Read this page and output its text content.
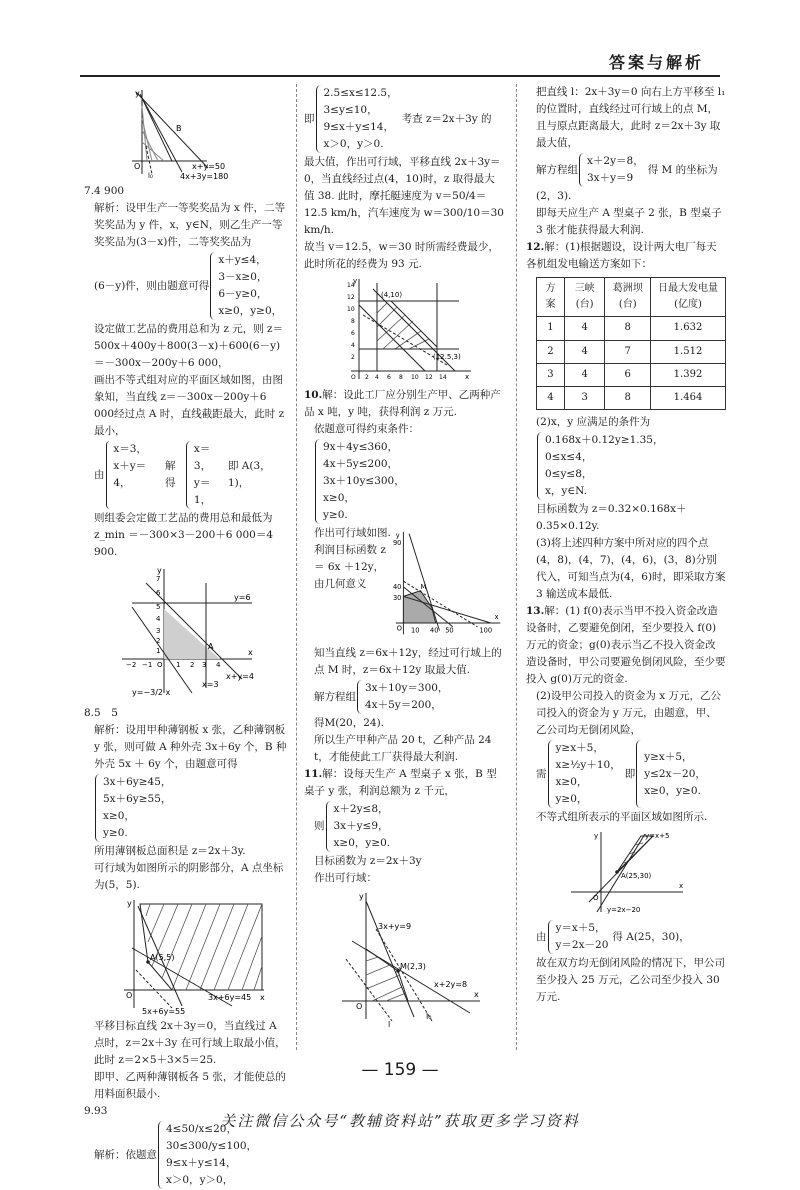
答案与解析
y
B
O
l₀
x+y=50
4x+3y=180

7.4 900

解析：设甲生产一等奖奖品为 x 件，二等奖奖品为 y 件，x，y∈N，则乙生产一等奖奖品为(3－x)件，二等奖奖品为

(6－y)件，则由题意可得
x＋y≤4，
3－x≥0，
6－y≥0，
x≥0，y≥0，

设定做工艺品的费用总和为 z 元，则 z＝500x＋400y＋800(3－x)＋600(6－y)＝－300x－200y＋6 000，

画出不等式组对应的平面区域如图，由图象知，当直线 z＝－300x－200y＋6 000经过点 A 时，直线截距最大，此时 z 最小，

由
x＝3，
x＋y＝4，
解得
x＝3，
y＝1，
即 A(3，1)，

则组委会定做工艺品的费用总和最低为 z_min ＝－300×3－200＋6 000＝4 900.

y
7
6
5
4
3
2
1
O
−2 −1	1 2 3 4
y=6
A
x
x=3
x+y=4
y=−3/2 x

8.5　5

解析：设用甲种薄钢板 x 张，乙种薄钢板 y 张，则可做 A 种外壳 3x＋6y 个，B 种外壳 5x ＋ 6y 个，由题意可得

3x＋6y≥45，
5x＋6y≥55，
x≥0，
y≥0.

所用薄钢板总面积是 z＝2x＋3y.

可行域为如图所示的阴影部分，A 点坐标为(5，5).

y
A(5,5)
O	x
5x+6y=55
3x+6y=45

平移目标直线 2x＋3y＝0，当直线过 A 点时，z＝2x＋3y 在可行域上取最小值，此时 z＝2×5＋3×5＝25.

即甲、乙两种薄钢板各 5 张，才能使总的用料面积最小.

9.93

解析：依题意
4≤50/x≤20，
30≤300/y≤100，
9≤x＋y≤14，
x＞0，y＞0，
即
2.5≤x≤12.5，
3≤y≤10，
9≤x＋y≤14，
x＞0，y＞0.
考查 z＝2x＋3y 的

最大值，作出可行域，平移直线 2x＋3y＝0，当直线经过点(4，10)时，z 取得最大值 38. 此时，摩托艇速度为 v＝50/4＝12.5 km/h，汽车速度为 w＝300/10＝30 km/h.

故当 v＝12.5，w＝30 时所需经费最少，此时所花的经费为 93 元.

y
14
12
10
8
6
4
2
O 2 4 6 8 10 12 14	x
(4,10)
(12.5,3)

10.解：设此工厂应分别生产甲、乙两种产品 x 吨，y 吨，获得利润 z 万元.

依题意可得约束条件：

9x＋4y≤360，
4x＋5y≤200，
3x＋10y≤300，
x≥0，
y≥0.

作出可行域如图. 利润目标函数 z ＝ 6x ＋12y，由几何意义

y
90
40
30
M
O 10 40 50	100
x

知当直线 z＝6x＋12y，经过可行域上的点 M 时，z＝6x＋12y 取最大值.

解方程组
3x＋10y＝300，
4x＋5y＝200，

得M(20，24).

所以生产甲种产品 20 t，乙种产品 24 t，才能使此工厂获得最大利润.

11.解：设每天生产 A 型桌子 x 张，B 型桌子 y 张，利润总额为 z 千元，

则
x＋2y≤8，
3x＋y≤9，
x≥0，y≥0.

目标函数为 z＝2x＋3y

作出可行域：

y
3x+y=9
M(2,3)
x+2y=8
O
x
l
l₀

把直线 l：2x＋3y＝0 向右上方平移至 l₁ 的位置时，直线经过可行域上的点 M，且与原点距离最大，此时 z＝2x＋3y 取最大值，

解方程组
x＋2y＝8，
3x＋y＝9
得 M 的坐标为

(2，3).

即每天应生产 A 型桌子 2 张，B 型桌子 3 张才能获得最大利润.

12.解：(1)根据题设，设计两大电厂每天各机组发电输送方案如下：

方案	三峡(台)	葛洲坝(台)	日最大发电量(亿度)
1	4	8	1.632
2	4	7	1.512
3	4	6	1.392
4	3	8	1.464

(2)x，y 应满足的条件为

0.168x＋0.12y≥1.35，
0≤x≤4，
0≤y≤8，
x，y∈N.

目标函数为 z＝0.32×0.168x＋0.35×0.12y.

(3)将上述四种方案中所对应的四个点(4，8)，(4，7)，(4，6)，(3，8)分别代入，可知当点为(4，6)时，即采取方案 3 输送成本最低.

13.解：(1) f(0)表示当甲不投入资金改造设备时，乙要避免倒闭，至少要投入 f(0)万元的资金；g(0)表示当乙不投入资金改造设备时，甲公司要避免倒闭风险，至少要投入 g(0)万元的资金.

(2)设甲公司投入的资金为 x 万元，乙公司投入的资金为 y 万元，由题意，甲、乙公司均无倒闭风险，

需
y≥x＋5，
x≥½y＋10，
x≥0，
y≥0，
即
y≥x＋5，
y≤2x－20，
x≥0，y≥0.

不等式组所表示的平面区域如图所示.

y	y=x+5
A(25,30)
O
x
y=2x−20
由
y＝x＋5，
y＝2x－20
得 A(25，30)，

故在双方均无倒闭风险的情况下，甲公司至少投入 25 万元，乙公司至少投入 30 万元.

— 159 —
关注微信公众号“教辅资料站”获取更多学习资料
